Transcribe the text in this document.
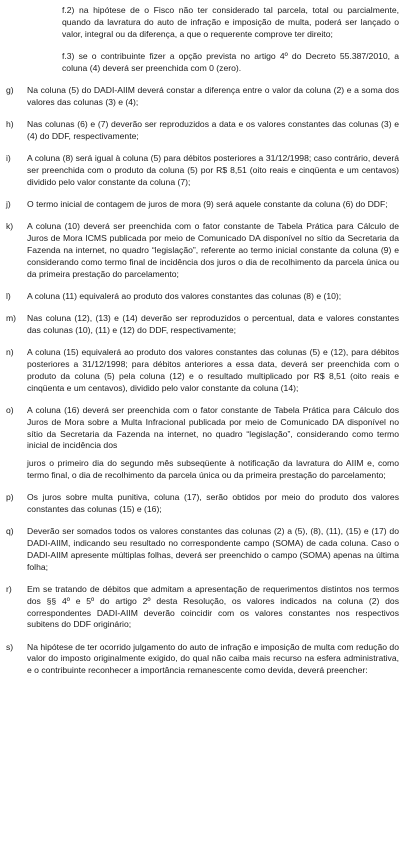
f.2) na hipótese de o Fisco não ter considerado tal parcela, total ou parcialmente, quando da lavratura do auto de infração e imposição de multa, poderá ser lançado o valor, integral ou da diferença, a que o requerente comprove ter direito;
f.3) se o contribuinte fizer a opção prevista no artigo 4º do Decreto 55.387/2010, a coluna (4) deverá ser preenchida com 0 (zero).
g)	Na coluna (5) do DADI-AIIM deverá constar a diferença entre o valor da coluna (2) e a soma dos valores das colunas (3) e (4);
h)	Nas colunas (6) e (7) deverão ser reproduzidos a data e os valores constantes das colunas (3) e (4) do DDF, respectivamente;
i)	A coluna (8) será igual à coluna (5) para débitos posteriores a 31/12/1998; caso contrário, deverá ser preenchida com o produto da coluna (5) por R$ 8,51 (oito reais e cinqüenta e um centavos) dividido pelo valor constante da coluna (7);
j)	O termo inicial de contagem de juros de mora (9) será aquele constante da coluna (6) do DDF;
k)	A coluna (10) deverá ser preenchida com o fator constante de Tabela Prática para Cálculo de Juros de Mora ICMS publicada por meio de Comunicado DA disponível no sítio da Secretaria da Fazenda na internet, no quadro “legislação”, referente ao termo inicial constante da coluna (9) e considerando como termo final de incidência dos juros o dia de recolhimento da parcela única ou da primeira prestação do parcelamento;
l)	A coluna (11) equivalerá ao produto dos valores constantes das colunas (8) e (10);
m)	Nas coluna (12), (13) e (14) deverão ser reproduzidos o percentual, data e valores constantes das colunas (10), (11) e (12) do DDF, respectivamente;
n)	A coluna (15) equivalerá ao produto dos valores constantes das colunas (5) e (12), para débitos posteriores a 31/12/1998; para débitos anteriores a essa data, deverá ser preenchida com o produto da coluna (5) pela coluna (12) e o resultado multiplicado por R$ 8,51 (oito reais e cinqüenta e um centavos), dividido pelo valor constante da coluna (14);
o)	A coluna (16) deverá ser preenchida com o fator constante de Tabela Prática para Cálculo dos Juros de Mora sobre a Multa Infracional publicada por meio de Comunicado DA disponível no sítio da Secretaria da Fazenda na internet, no quadro “legislação”, considerando como termo inicial de incidência dos
juros o primeiro dia do segundo mês subseqüente à notificação da lavratura do AIIM e, como termo final, o dia de recolhimento da parcela única ou da primeira prestação do parcelamento;
p)	Os juros sobre multa punitiva, coluna (17), serão obtidos por meio do produto dos valores constantes das colunas (15) e (16);
q)	Deverão ser somados todos os valores constantes das colunas (2) a (5), (8), (11), (15) e (17) do DADI-AIIM, indicando seu resultado no correspondente campo (SOMA) de cada coluna. Caso o DADI-AIIM apresente múltiplas folhas, deverá ser preenchido o campo (SOMA) apenas na última folha;
r)	Em se tratando de débitos que admitam a apresentação de requerimentos distintos nos termos dos §§ 4º e 5º do artigo 2º desta Resolução, os valores indicados na coluna (2) dos correspondentes DADI-AIIM deverão coincidir com os valores constantes nos respectivos subitens do DDF originário;
s)	Na hipótese de ter ocorrido julgamento do auto de infração e imposição de multa com redução do valor do imposto originalmente exigido, do qual não caiba mais recurso na esfera administrativa, e o contribuinte reconhecer a importância remanescente como devida, deverá preencher:
